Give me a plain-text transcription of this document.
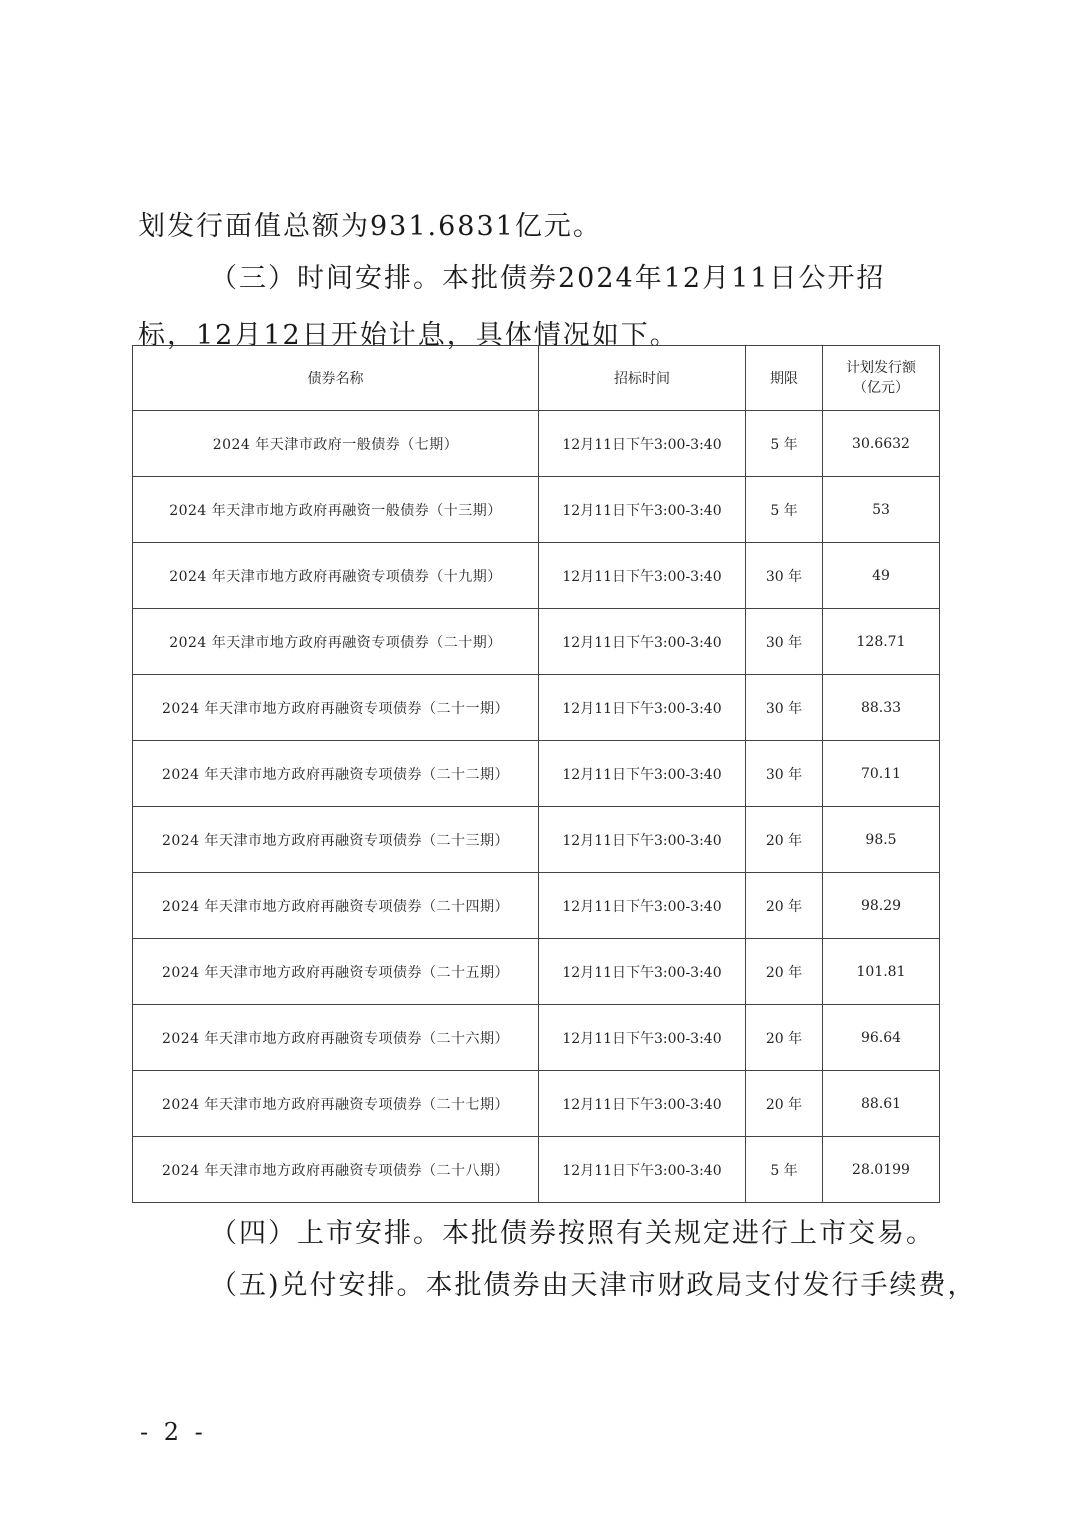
划发行面值总额为931.6831亿元。
（三）时间安排。本批债券2024年12月11日公开招标，12月12日开始计息，具体情况如下。
债券名称	招标时间	期限	计划发行额
（亿元）

2024 年天津市政府一般债券（七期）	12月11日下午3:00-3:40	5 年	30.6632
2024 年天津市地方政府再融资一般债券（十三期）	12月11日下午3:00-3:40	5 年	53
2024 年天津市地方政府再融资专项债券（十九期）	12月11日下午3:00-3:40	30 年	49
2024 年天津市地方政府再融资专项债券（二十期）	12月11日下午3:00-3:40	30 年	128.71
2024 年天津市地方政府再融资专项债券（二十一期）	12月11日下午3:00-3:40	30 年	88.33
2024 年天津市地方政府再融资专项债券（二十二期）	12月11日下午3:00-3:40	30 年	70.11
2024 年天津市地方政府再融资专项债券（二十三期）	12月11日下午3:00-3:40	20 年	98.5
2024 年天津市地方政府再融资专项债券（二十四期）	12月11日下午3:00-3:40	20 年	98.29
2024 年天津市地方政府再融资专项债券（二十五期）	12月11日下午3:00-3:40	20 年	101.81
2024 年天津市地方政府再融资专项债券（二十六期）	12月11日下午3:00-3:40	20 年	96.64
2024 年天津市地方政府再融资专项债券（二十七期）	12月11日下午3:00-3:40	20 年	88.61
2024 年天津市地方政府再融资专项债券（二十八期）	12月11日下午3:00-3:40	5 年	28.0199
（四）上市安排。本批债券按照有关规定进行上市交易。
（五)兑付安排。本批债券由天津市财政局支付发行手续费，
- 2 -
